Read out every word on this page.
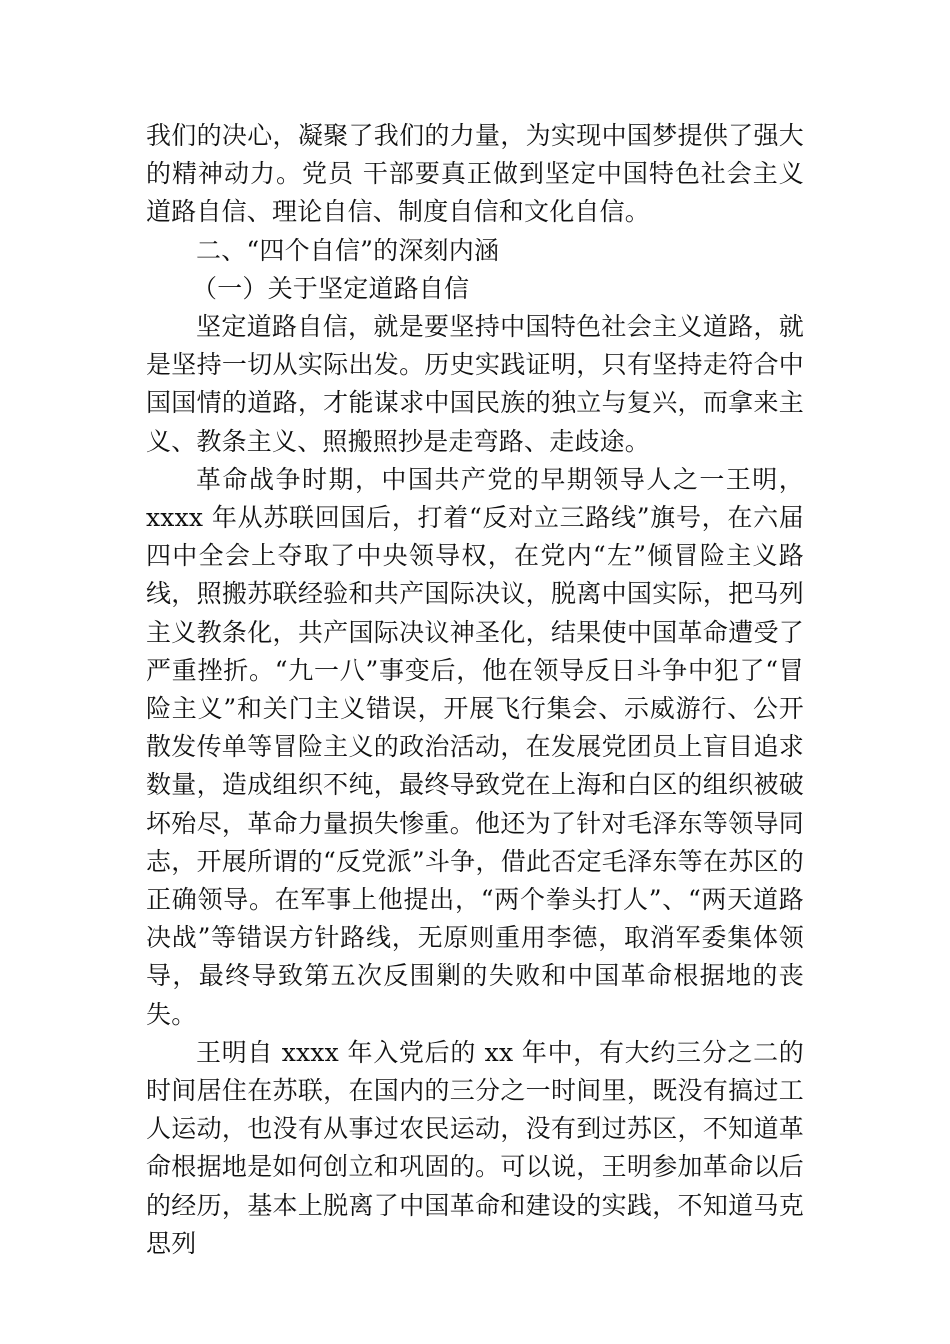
我们的决心，凝聚了我们的力量，为实现中国梦提供了强大的精神动力。党员 干部要真正做到坚定中国特色社会主义道路自信、理论自信、制度自信和文化自信。

二、“四个自信”的深刻内涵

（一）关于坚定道路自信

坚定道路自信，就是要坚持中国特色社会主义道路，就是坚持一切从实际出发。历史实践证明，只有坚持走符合中国国情的道路，才能谋求中国民族的独立与复兴，而拿来主义、教条主义、照搬照抄是走弯路、走歧途。

革命战争时期，中国共产党的早期领导人之一王明，xxxx 年从苏联回国后，打着“反对立三路线”旗号，在六届四中全会上夺取了中央领导权，在党内“左”倾冒险主义路线，照搬苏联经验和共产国际决议，脱离中国实际，把马列主义教条化，共产国际决议神圣化，结果使中国革命遭受了严重挫折。“九一八”事变后，他在领导反日斗争中犯了“冒险主义”和关门主义错误，开展飞行集会、示威游行、公开散发传单等冒险主义的政治活动，在发展党团员上盲目追求数量，造成组织不纯，最终导致党在上海和白区的组织被破坏殆尽，革命力量损失惨重。他还为了针对毛泽东等领导同志，开展所谓的“反党派”斗争，借此否定毛泽东等在苏区的正确领导。在军事上他提出，“两个拳头打人”、“两天道路决战”等错误方针路线，无原则重用李德，取消军委集体领导，最终导致第五次反围剿的失败和中国革命根据地的丧失。

王明自 xxxx 年入党后的 xx 年中，有大约三分之二的时间居住在苏联，在国内的三分之一时间里，既没有搞过工人运动，也没有从事过农民运动，没有到过苏区，不知道革命根据地是如何创立和巩固的。可以说，王明参加革命以后的经历，基本上脱离了中国革命和建设的实践，不知道马克思列
